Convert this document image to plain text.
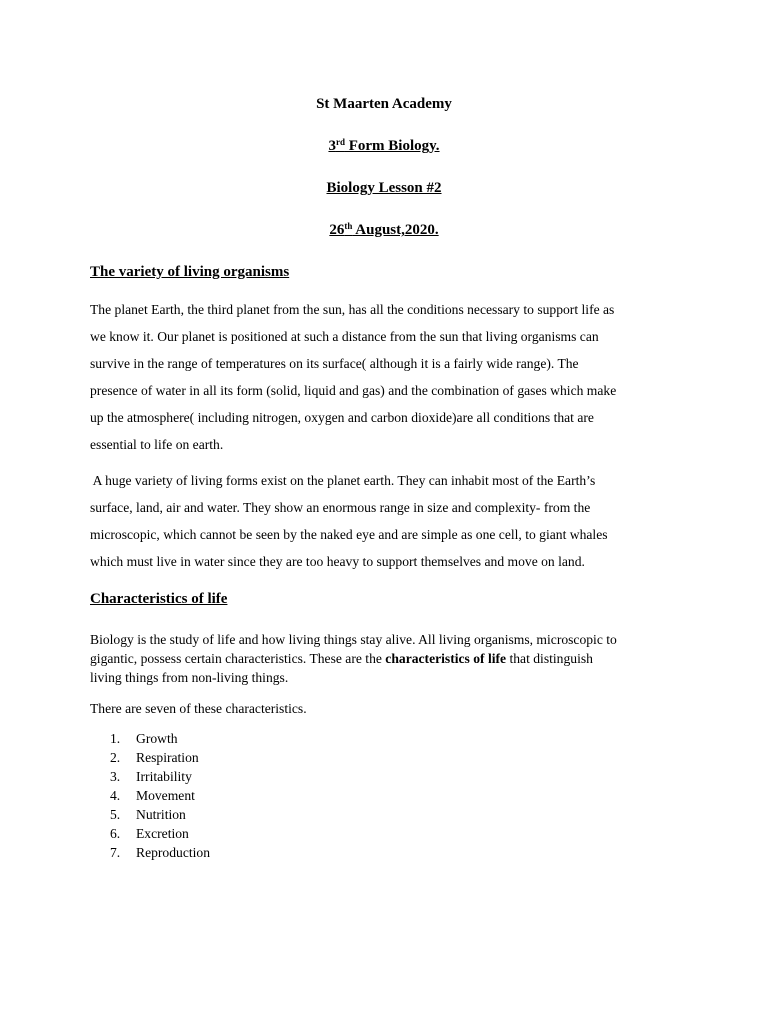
St Maarten Academy
3rd Form Biology.
Biology Lesson #2
26th August,2020.
The variety of living organisms
The planet Earth, the third planet from the sun, has all the conditions necessary to support life as
we know it. Our planet is positioned at such a distance from the sun that living organisms can
survive in the range of temperatures on its surface( although it is a fairly wide range). The
presence of water in all its form (solid, liquid and gas) and the combination of gases which make
up the atmosphere( including nitrogen, oxygen and carbon dioxide)are all conditions that are
essential to life on earth.
A huge variety of living forms exist on the planet earth. They can inhabit most of the Earth’s
surface, land, air and water. They show an enormous range in size and complexity- from the
microscopic, which cannot be seen by the naked eye and are simple as one cell, to giant whales
which must live in water since they are too heavy to support themselves and move on land.
Characteristics of life
Biology is the study of life and how living things stay alive. All living organisms, microscopic to
gigantic, possess certain characteristics. These are the characteristics of life that distinguish
living things from non-living things.
There are seven of these characteristics.
1. Growth
2. Respiration
3. Irritability
4. Movement
5. Nutrition
6. Excretion
7. Reproduction
